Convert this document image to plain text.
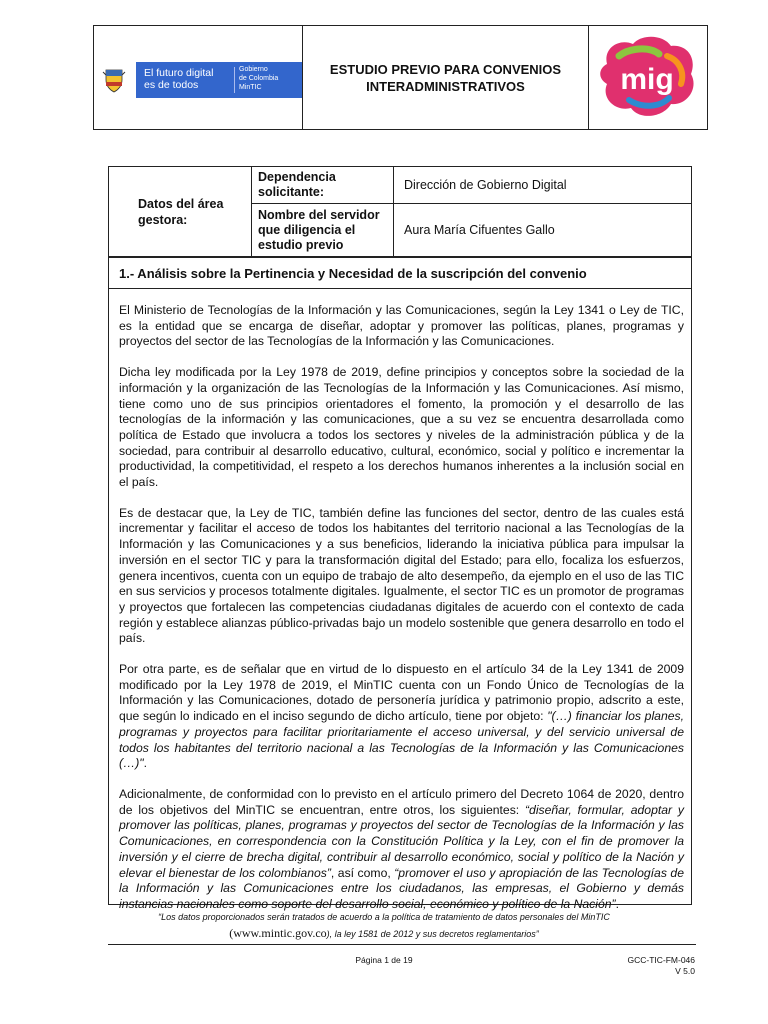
El futuro digital
es de todos
Gobierno
de Colombia
MinTIC
ESTUDIO PREVIO PARA CONVENIOS
INTERADMINISTRATIVOS	mig
Datos del área gestora:	Dependencia solicitante:	Dirección de Gobierno Digital
	Nombre del servidor que diligencia el estudio previo	Aura María Cifuentes Gallo
1.- Análisis sobre la Pertinencia y Necesidad de la suscripción del convenio

El Ministerio de Tecnologías de la Información y las Comunicaciones, según la Ley 1341 o Ley de TIC, es la entidad que se encarga de diseñar, adoptar y promover las políticas, planes, programas y proyectos del sector de las Tecnologías de la Información y las Comunicaciones.

Dicha ley modificada por la Ley 1978 de 2019, define principios y conceptos sobre la sociedad de la información y la organización de las Tecnologías de la Información y las Comunicaciones. Así mismo, tiene como uno de sus principios orientadores el fomento, la promoción y el desarrollo de las tecnologías de la información y las comunicaciones, que a su vez se encuentra desarrollada como política de Estado que involucra a todos los sectores y niveles de la administración pública y de la sociedad, para contribuir al desarrollo educativo, cultural, económico, social y político e incrementar la productividad, la competitividad, el respeto a los derechos humanos inherentes a la inclusión social en el país.

Es de destacar que, la Ley de TIC, también define las funciones del sector, dentro de las cuales está incrementar y facilitar el acceso de todos los habitantes del territorio nacional a las Tecnologías de la Información y las Comunicaciones y a sus beneficios, liderando la iniciativa pública para impulsar la inversión en el sector TIC y para la transformación digital del Estado; para ello, focaliza los esfuerzos, genera incentivos, cuenta con un equipo de trabajo de alto desempeño, da ejemplo en el uso de las TIC en sus servicios y procesos totalmente digitales. Igualmente, el sector TIC es un promotor de programas y proyectos que fortalecen las competencias ciudadanas digitales de acuerdo con el contexto de cada región y establece alianzas público-privadas bajo un modelo sostenible que genera desarrollo en todo el país.

Por otra parte, es de señalar que en virtud de lo dispuesto en el artículo 34 de la Ley 1341 de 2009 modificado por la Ley 1978 de 2019, el MinTIC cuenta con un Fondo Único de Tecnologías de la Información y las Comunicaciones, dotado de personería jurídica y patrimonio propio, adscrito a este, que según lo indicado en el inciso segundo de dicho artículo, tiene por objeto: "(…) financiar los planes, programas y proyectos para facilitar prioritariamente el acceso universal, y del servicio universal de todos los habitantes del territorio nacional a las Tecnologías de la Información y las Comunicaciones (…)".

Adicionalmente, de conformidad con lo previsto en el artículo primero del Decreto 1064 de 2020, dentro de los objetivos del MinTIC se encuentran, entre otros, los siguientes: “diseñar, formular, adoptar y promover las políticas, planes, programas y proyectos del sector de Tecnologías de la Información y las Comunicaciones, en correspondencia con la Constitución Política y la Ley, con el fin de promover la inversión y el cierre de brecha digital, contribuir al desarrollo económico, social y político de la Nación y elevar el bienestar de los colombianos”, así como, “promover el uso y apropiación de las Tecnologías de la Información y las Comunicaciones entre los ciudadanos, las empresas, el Gobierno y demás instancias nacionales como soporte del desarrollo social, económico y político de la Nación”.

“Los datos proporcionados serán tratados de acuerdo a la política de tratamiento de datos personales del MinTIC
(www.mintic.gov.co), la ley 1581 de 2012 y sus decretos reglamentarios”
Página 1 de 19	GCC-TIC-FM-046
V 5.0
